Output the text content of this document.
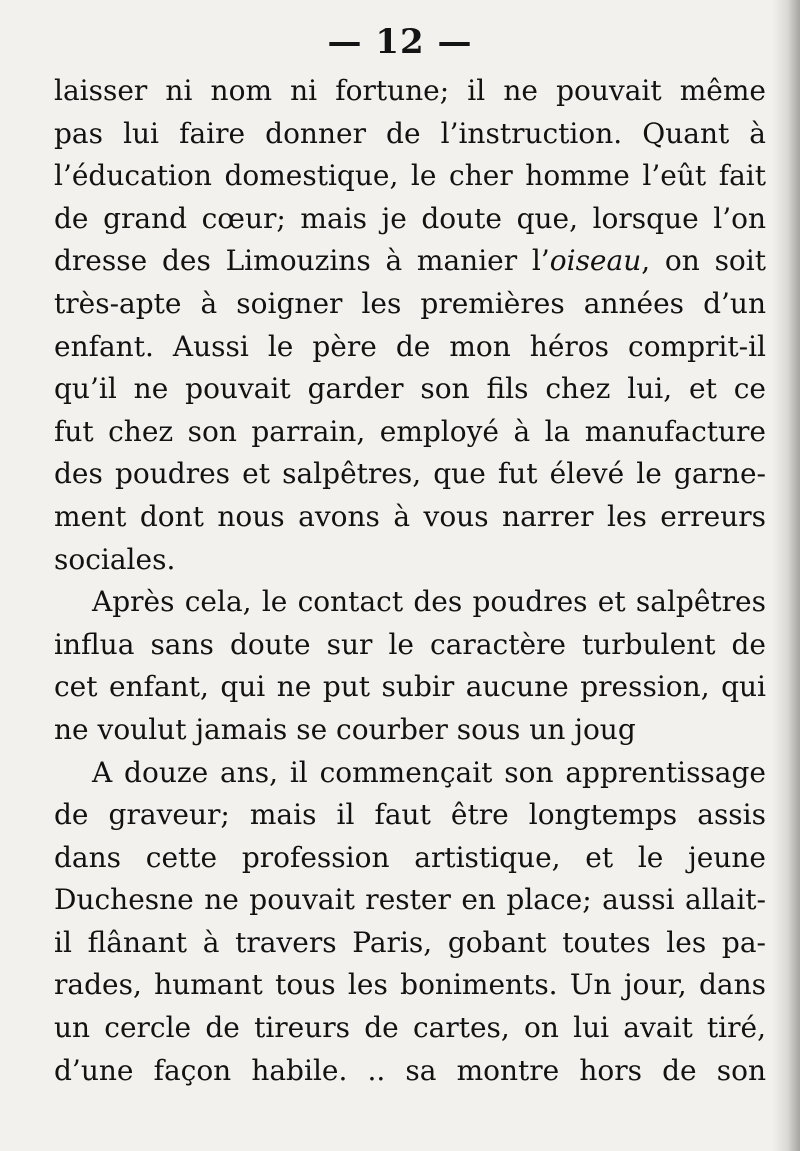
— 12 —
laisser ni nom ni fortune; il ne pouvait même
pas lui faire donner de l’instruction. Quant à
l’éducation domestique, le cher homme l’eût fait
de grand cœur; mais je doute que, lorsque l’on
dresse des Limouzins à manier l’oiseau, on soit
très-apte à soigner les premières années d’un
enfant. Aussi le père de mon héros comprit-il
qu’il ne pouvait garder son fils chez lui, et ce
fut chez son parrain, employé à la manufacture
des poudres et salpêtres, que fut élevé le garne-
ment dont nous avons à vous narrer les erreurs
sociales.
Après cela, le contact des poudres et salpêtres
influa sans doute sur le caractère turbulent de
cet enfant, qui ne put subir aucune pression, qui
ne voulut jamais se courber sous un joug
A douze ans, il commençait son apprentissage
de graveur; mais il faut être longtemps assis
dans cette profession artistique, et le jeune
Duchesne ne pouvait rester en place; aussi allait-
il flânant à travers Paris, gobant toutes les pa-
rades, humant tous les boniments. Un jour, dans
un cercle de tireurs de cartes, on lui avait tiré,
d’une façon habile. .. sa montre hors de son
